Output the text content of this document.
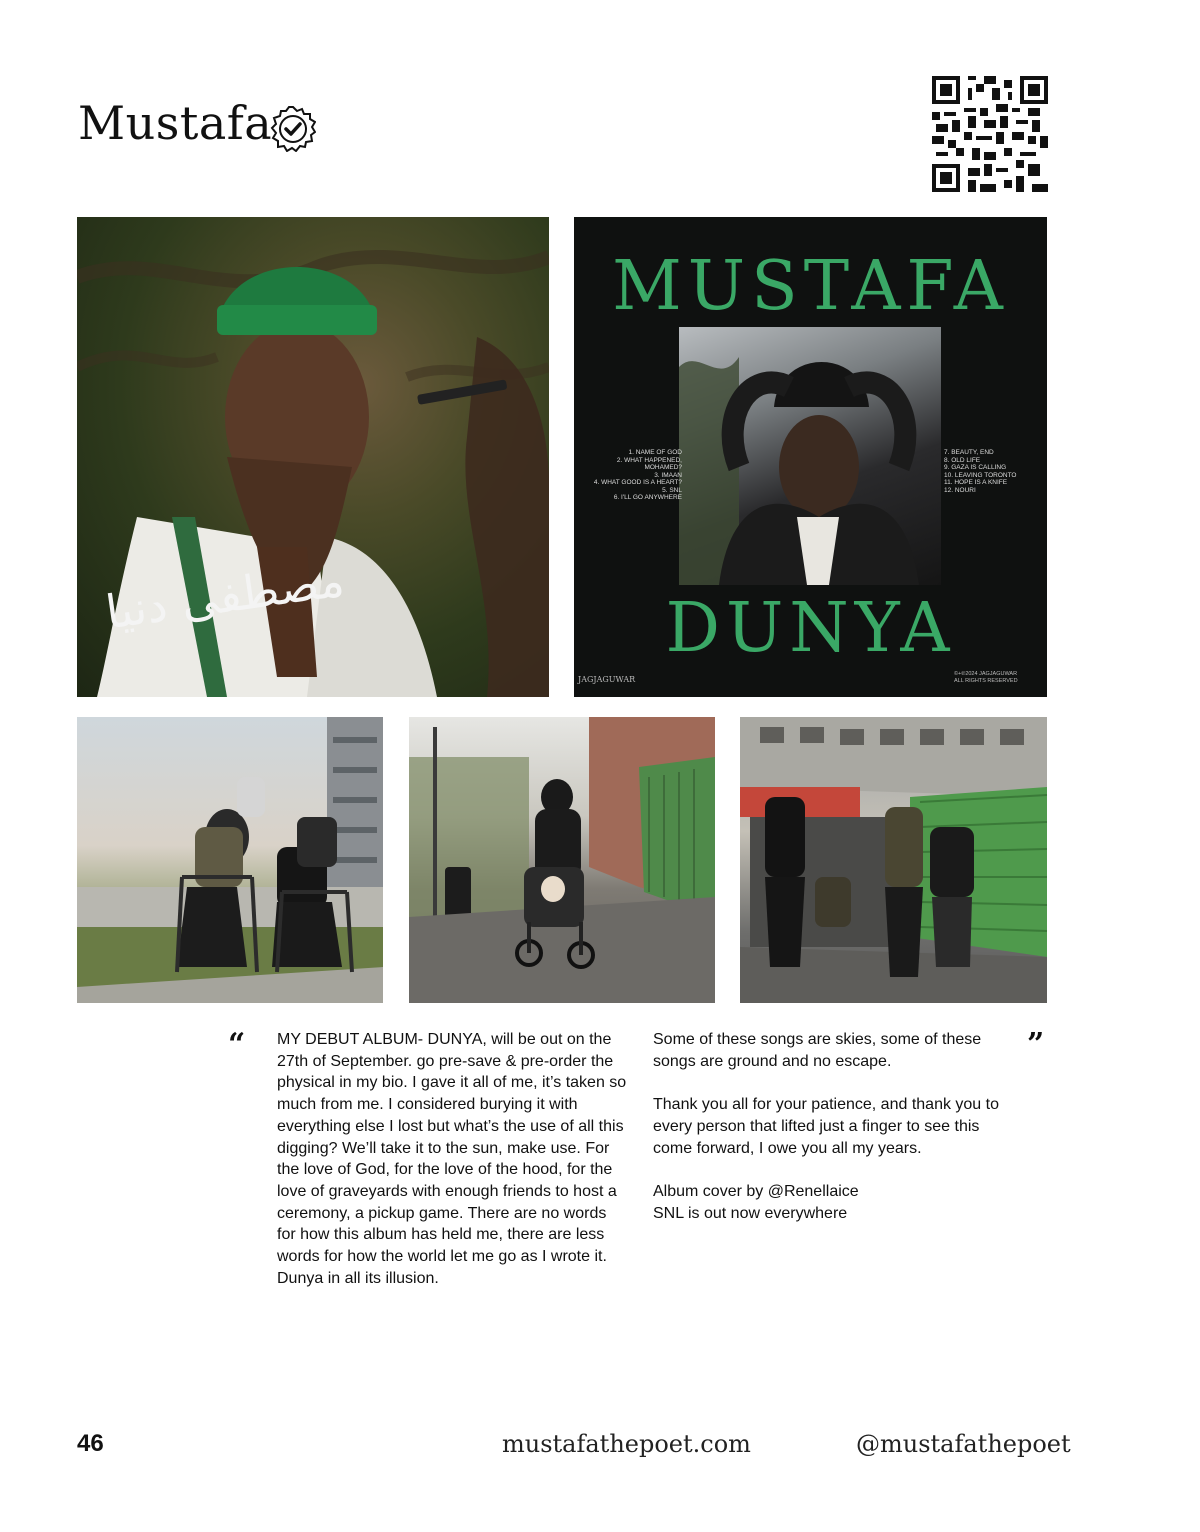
Mustafa
مصطفى دنيا
MUSTAFA
1. NAME OF GOD
2. WHAT HAPPENED, MOHAMED?
3. IMAAN
4. WHAT GOOD IS A HEART?
5. SNL
6. I'LL GO ANYWHERE
7. BEAUTY, END
8. OLD LIFE
9. GAZA IS CALLING
10. LEAVING TORONTO
11. HOPE IS A KNIFE
12. NOURI
DUNYA
JAGJAGUWAR
©+℗2024 JAGJAGUWAR
ALL RIGHTS RESERVED
“ MY DEBUT ALBUM- DUNYA, will be out on the 27th of September. go pre-save & pre-order the physical in my bio. I gave it all of me, it’s taken so much from me. I considered burying it with everything else I lost but what’s the use of all this digging? We’ll take it to the sun, make use. For the love of God, for the love of the hood, for the love of graveyards with enough friends to host a ceremony, a pickup game. There are no words for how this album has held me, there are less words for how the world let me go as I wrote it. Dunya in all its illusion.

Some of these songs are skies, some of these songs are ground and no escape.

Thank you all for your patience, and thank you to every person that lifted just a finger to see this come forward, I owe you all my years.

Album cover by @Renellaice
SNL is out now everywhere
”
46	mustafathepoet.com	@mustafathepoet
